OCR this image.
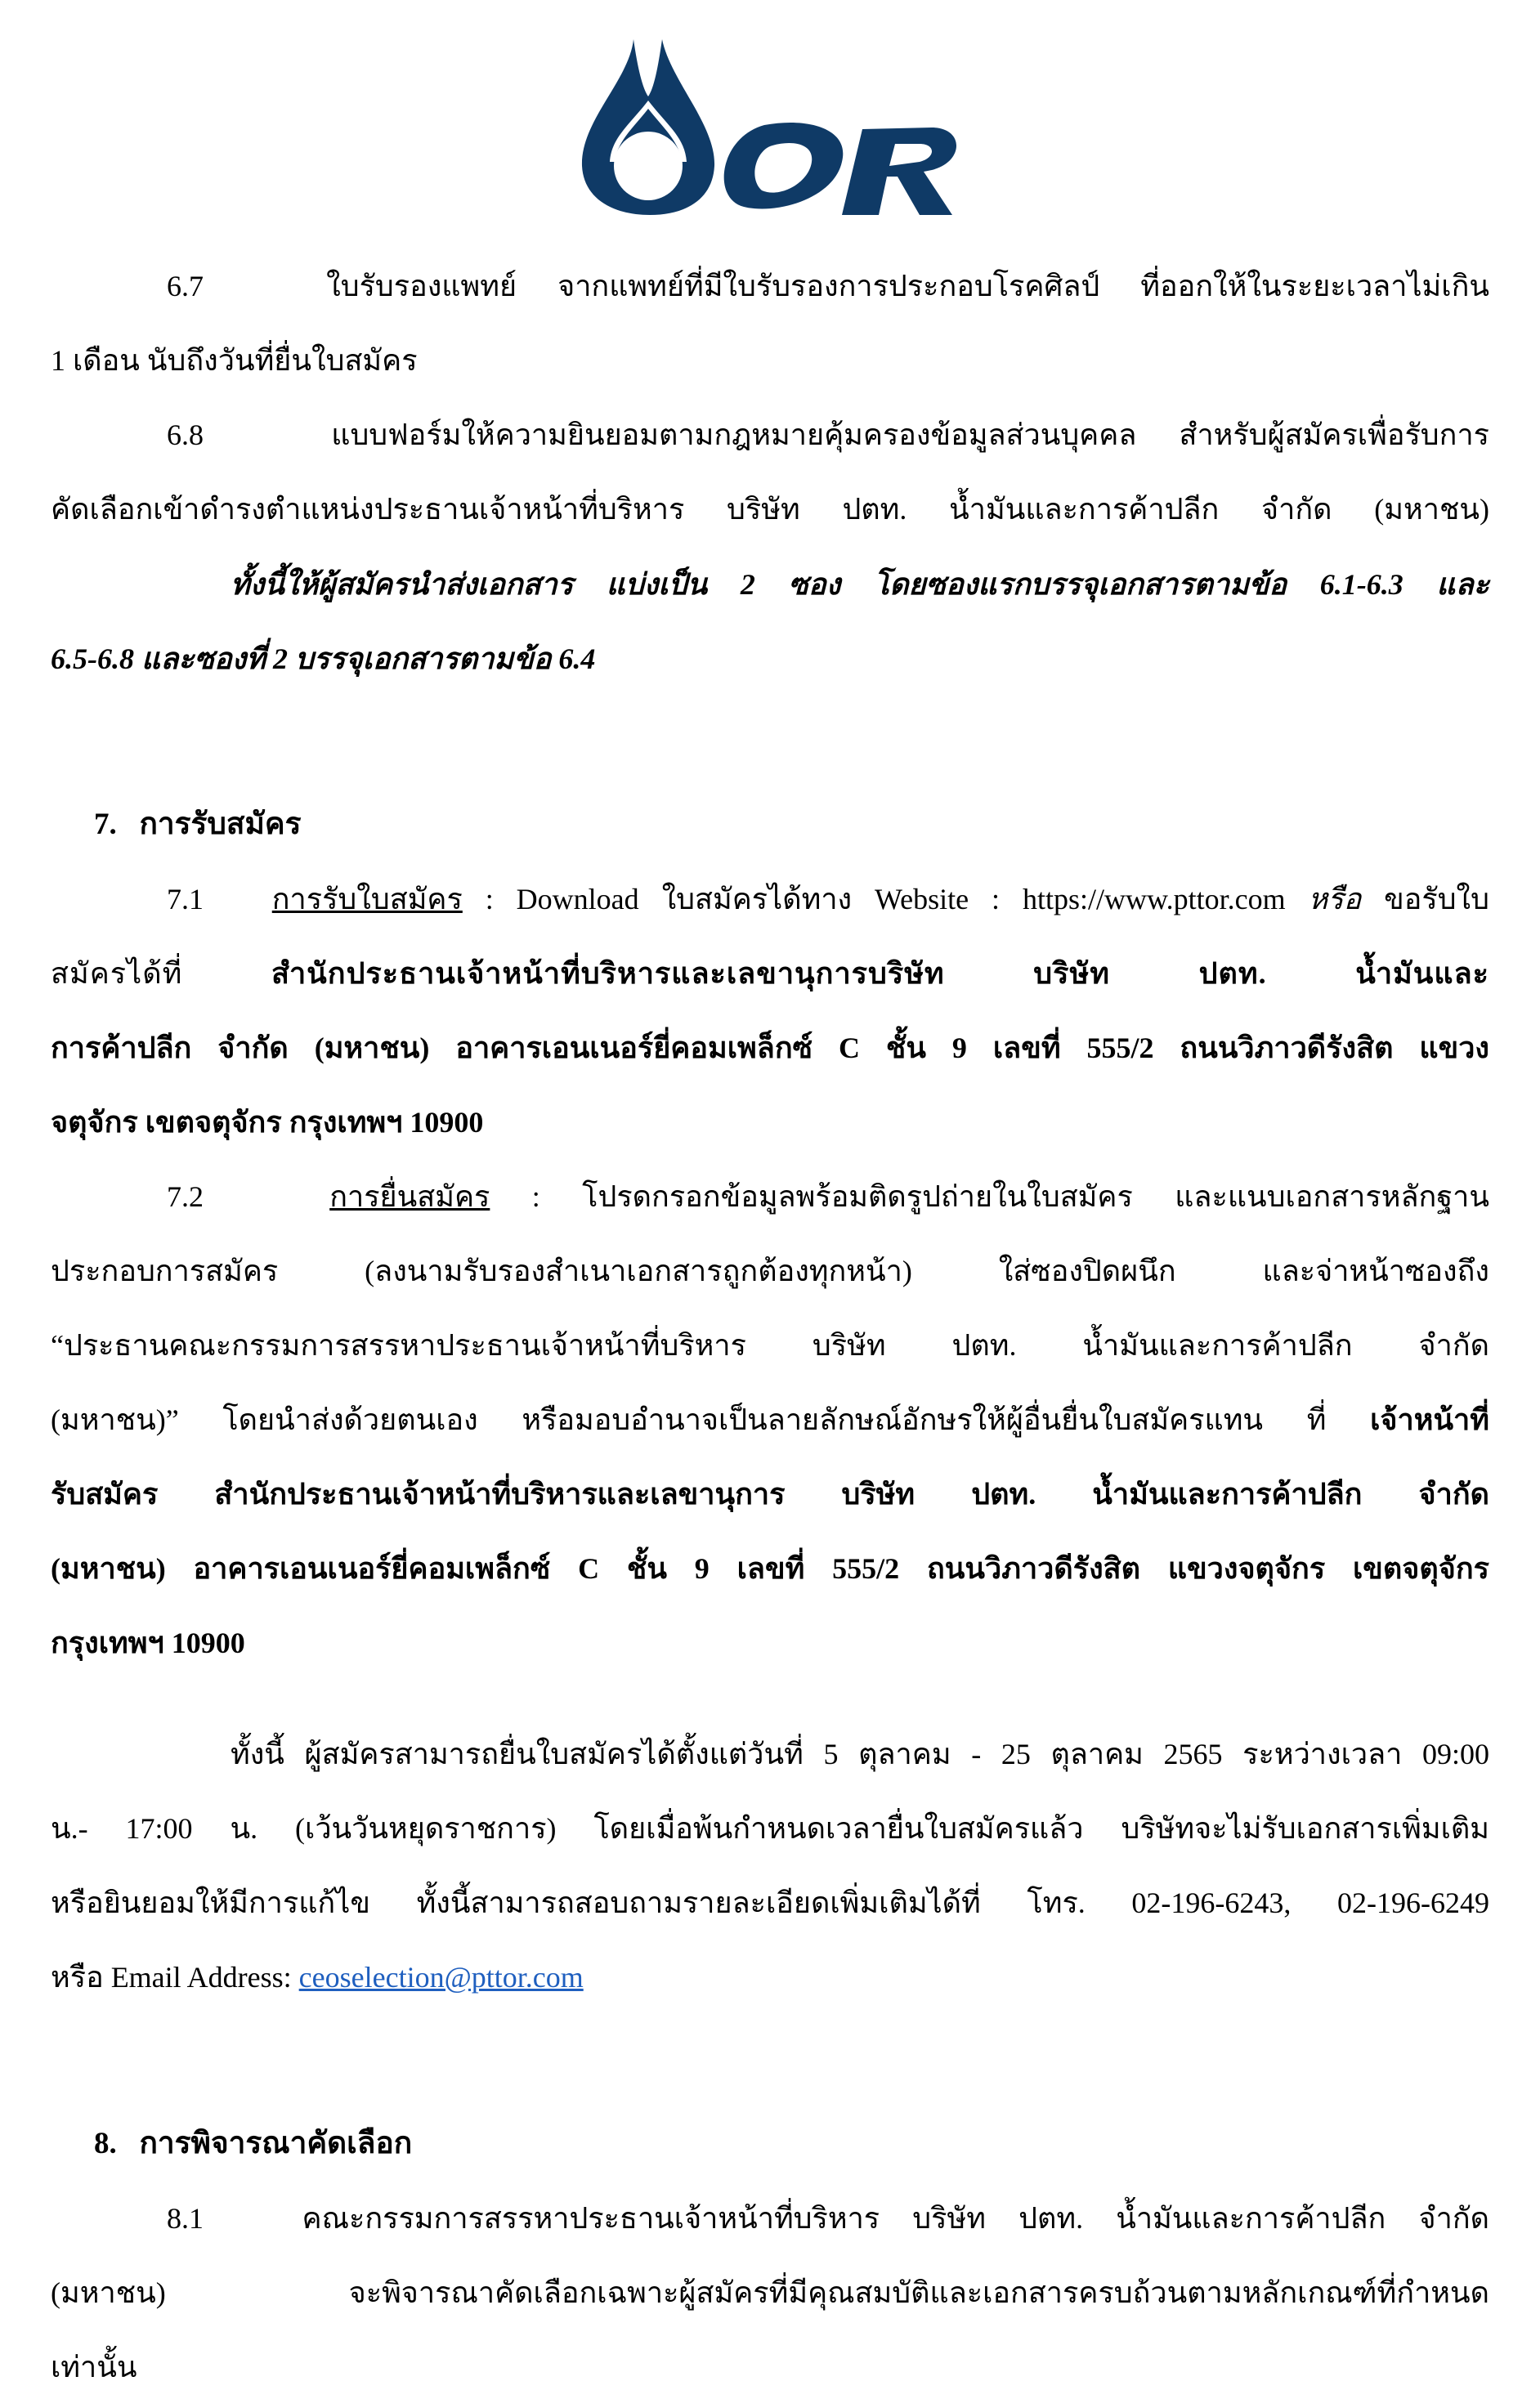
6.7	ใบรับรองแพทย์ จากแพทย์ที่มีใบรับรองการประกอบโรคศิลป์ ที่ออกให้ในระยะเวลาไม่เกิน
1 เดือน นับถึงวันที่ยื่นใบสมัคร
6.8	แบบฟอร์มให้ความยินยอมตามกฎหมายคุ้มครองข้อมูลส่วนบุคคล สำหรับผู้สมัครเพื่อรับการ
คัดเลือกเข้าดำรงตำแหน่งประธานเจ้าหน้าที่บริหาร บริษัท ปตท. น้ำมันและการค้าปลีก จำกัด (มหาชน)
ทั้งนี้ให้ผู้สมัครนำส่งเอกสาร แบ่งเป็น 2 ซอง โดยซองแรกบรรจุเอกสารตามข้อ 6.1-6.3 และ
6.5-6.8 และซองที่ 2 บรรจุเอกสารตามข้อ 6.4
7. การรับสมัคร
7.1 การรับใบสมัคร : Download ใบสมัครได้ทาง Website : https://www.pttor.com หรือ ขอรับใบ
สมัครได้ที่ สำนักประธานเจ้าหน้าที่บริหารและเลขานุการบริษัท บริษัท ปตท. น้ำมันและ
การค้าปลีก จำกัด (มหาชน) อาคารเอนเนอร์ยี่คอมเพล็กซ์ C ชั้น 9 เลขที่ 555/2 ถนนวิภาวดีรังสิต แขวง
จตุจักร เขตจตุจักร กรุงเทพฯ 10900
7.2	การยื่นสมัคร : โปรดกรอกข้อมูลพร้อมติดรูปถ่ายในใบสมัคร และแนบเอกสารหลักฐาน
ประกอบการสมัคร (ลงนามรับรองสำเนาเอกสารถูกต้องทุกหน้า) ใส่ซองปิดผนึก และจ่าหน้าซองถึง
“ประธานคณะกรรมการสรรหาประธานเจ้าหน้าที่บริหาร บริษัท ปตท. น้ำมันและการค้าปลีก จำกัด
(มหาชน)” โดยนำส่งด้วยตนเอง หรือมอบอำนาจเป็นลายลักษณ์อักษรให้ผู้อื่นยื่นใบสมัครแทน ที่ เจ้าหน้าที่
รับสมัคร สำนักประธานเจ้าหน้าที่บริหารและเลขานุการ บริษัท ปตท. น้ำมันและการค้าปลีก จำกัด
(มหาชน) อาคารเอนเนอร์ยี่คอมเพล็กซ์ C ชั้น 9 เลขที่ 555/2 ถนนวิภาวดีรังสิต แขวงจตุจักร เขตจตุจักร
กรุงเทพฯ 10900
ทั้งนี้ ผู้สมัครสามารถยื่นใบสมัครได้ตั้งแต่วันที่ 5 ตุลาคม - 25 ตุลาคม 2565 ระหว่างเวลา 09:00
น.- 17:00 น. (เว้นวันหยุดราชการ) โดยเมื่อพ้นกำหนดเวลายื่นใบสมัครแล้ว บริษัทจะไม่รับเอกสารเพิ่มเติม
หรือยินยอมให้มีการแก้ไข ทั้งนี้สามารถสอบถามรายละเอียดเพิ่มเติมได้ที่ โทร. 02-196-6243, 02-196-6249
หรือ Email Address: ceoselection@pttor.com
8. การพิจารณาคัดเลือก
8.1	คณะกรรมการสรรหาประธานเจ้าหน้าที่บริหาร บริษัท ปตท. น้ำมันและการค้าปลีก จำกัด
(มหาชน) จะพิจารณาคัดเลือกเฉพาะผู้สมัครที่มีคุณสมบัติและเอกสารครบถ้วนตามหลักเกณฑ์ที่กำหนด
เท่านั้น
